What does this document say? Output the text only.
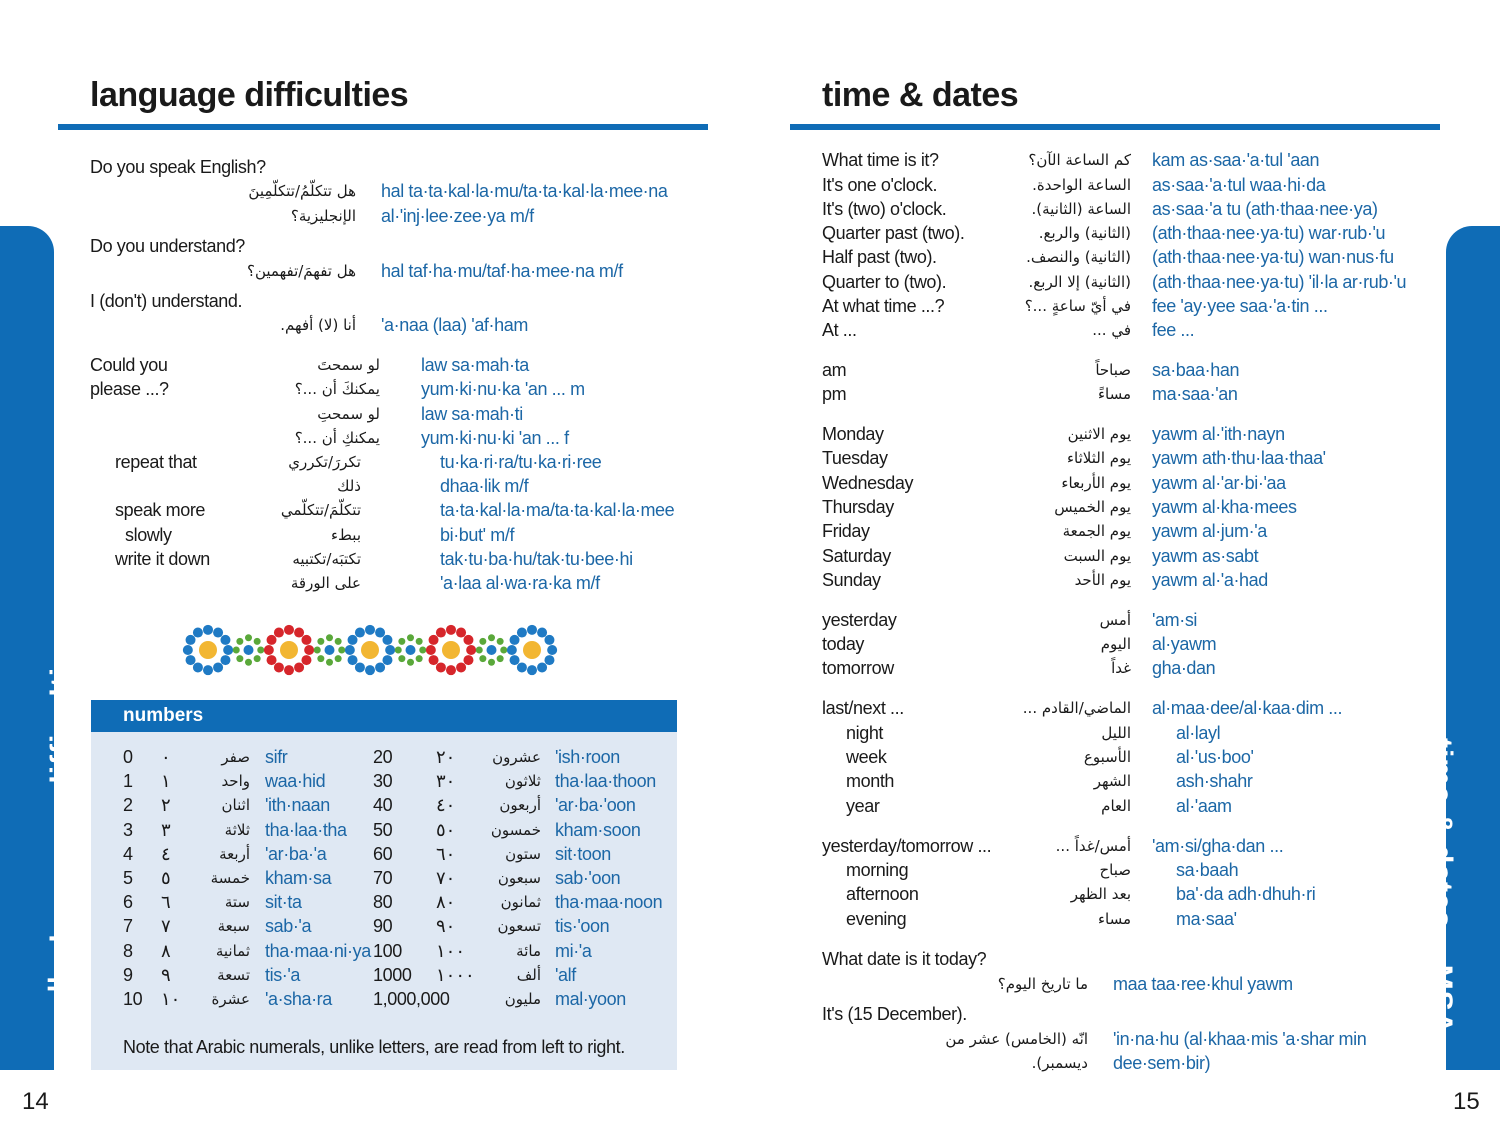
language difficulties	time & dates
العربية – language difficulties	time & dates – MSA
14	15
Do you speak English?
هل تتكلّمُ/تتكلّمِينَ hal ta·ta·kal·la·mu/ta·ta·kal·la·mee·na
الإنجليزية؟ al·'inj·lee·zee·ya m/f
Do you understand?
هل تفهمَ/تفهمين؟ hal taf·ha·mu/taf·ha·mee·na m/f
I (don't) understand.
أنا (لا) أفهم. 'a·naa (laa) 'af·ham
Could you	لو سمحتَ law sa·mah·ta
please ...?	يمكنكَ أن ...؟ yum·ki·nu·ka 'an ... m
لو سمحتِ law sa·mah·ti
يمكنكِ أن ...؟ yum·ki·nu·ki 'an ... f
repeat that	تكررَ/تكرري	tu·ka·ri·ra/tu·ka·ri·ree
ذلك	dhaa·lik m/f
speak more	تتكلّمَ/تتكلّمي	ta·ta·kal·la·ma/ta·ta·kal·la·mee
slowly	ببطء	bi·but' m/f
write it down	تكتبَه/تكتبيه	tak·tu·ba·hu/tak·tu·bee·hi
على الورقة	'a·laa al·wa·ra·ka m/f
What time is it?	كم الساعة الآن؟ kam as·saa·'a·tul 'aan
It's one o'clock.	الساعة الواحدة. as·saa·'a·tul waa·hi·da
It's (two) o'clock.	الساعة (الثانية). as·saa·'a tu (ath·thaa·nee·ya)
Quarter past (two).	(الثانية) والربع. (ath·thaa·nee·ya·tu) war·rub·'u
Half past (two).	(الثانية) والنصف. (ath·thaa·nee·ya·tu) wan·nus·fu
Quarter to (two).	(الثانية) إلا الربع. (ath·thaa·nee·ya·tu) 'il·la ar·rub·'u
At what time ...?	في أيّ ساعةٍ ...؟ fee 'ay·yee saa·'a·tin ...
At ...	في ... fee ...
am	صباحاً sa·baa·han
pm	مساءً ma·saa·'an
Monday	يوم الاثنين yawm al·'ith·nayn
Tuesday	يوم الثلاثاء yawm ath·thu·laa·thaa'
Wednesday	يوم الأربعاء yawm al·'ar·bi·'aa
Thursday	يوم الخميس yawm al·kha·mees
Friday	يوم الجمعة yawm al·jum·'a
Saturday	يوم السبت yawm as·sabt
Sunday	يوم الأحد yawm al·'a·had
yesterday	أمس 'am·si
today	اليوم al·yawm
tomorrow	غداً gha·dan
last/next ...	الماضي/القادم ... al·maa·dee/al·kaa·dim ...
night	الليل	al·layl
week	الأسبوع	al·'us·boo'
month	الشهر	ash·shahr
year	العام	al·'aam
yesterday/tomorrow ...	أمس/غداً ... 'am·si/gha·dan ...
morning	صباح	sa·baah
afternoon	بعد الظهر	ba'·da adh·dhuh·ri
evening	مساء	ma·saa'
What date is it today?
ما تاريخ اليوم؟ maa taa·ree·khul yawm
It's (15 December).
انّه (الخامس) عشر من 'in·na·hu (al·khaa·mis 'a·shar min
ديسمبر). dee·sem·bir)
numbers
0 ٠	صفر sifr	20 ٢٠ عشرون 'ish·roon
1 ١	واحد waa·hid	30 ٣٠	ثلاثون tha·laa·thoon
2 ٢	اثنان 'ith·naan 40 ٤٠	أربعون 'ar·ba·'oon
3 ٣	ثلاثة tha·laa·tha 50 ٥٠ خمسون kham·soon
4 ٤	أربعة 'ar·ba·'a	60 ٦٠	ستون sit·toon
5 ٥	خمسة kham·sa 70 ٧٠	سبعون sab·'oon
6 ٦	ستة sit·ta	80 ٨٠	ثمانون tha·maa·noon
7 ٧	سبعة sab·'a	90 ٩٠	تسعون tis·'oon
8 ٨	ثمانية tha·maa·ni·ya 100 ١٠٠	مائة mi·'a
9 ٩	تسعة tis·'a	1000 ١٠٠٠	ألف 'alf
10 ١٠ عشرة 'a·sha·ra 1,000,000	مليون mal·yoon
Note that Arabic numerals, unlike letters, are read from left to right.
